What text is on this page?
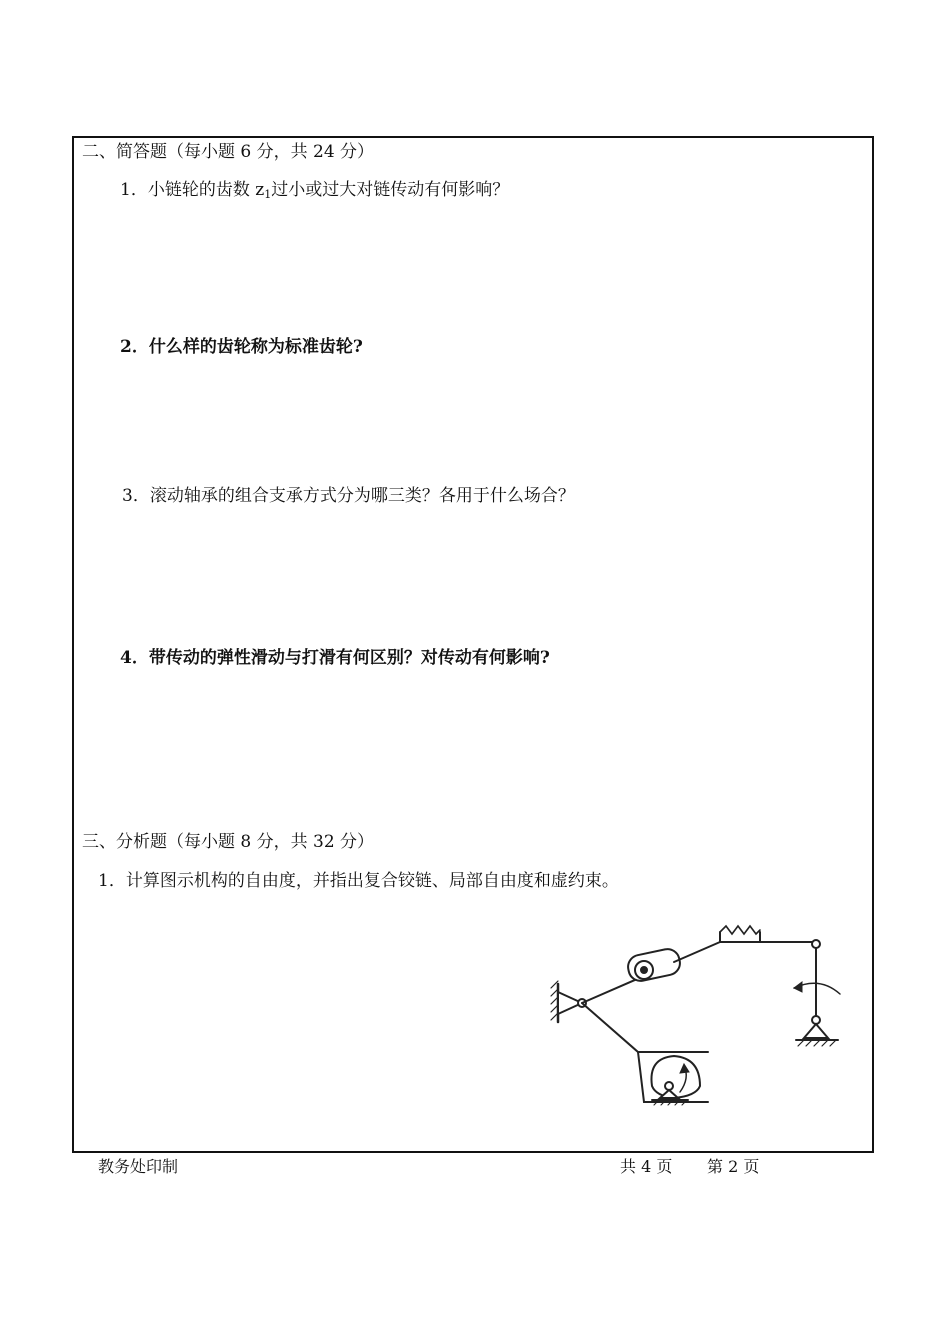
二、简答题（每小题 6 分，共 24 分）
1．小链轮的齿数 $z_1$过小或过大对链传动有何影响？
2．什么样的齿轮称为标准齿轮?
3．滚动轴承的组合支承方式分为哪三类？各用于什么场合？
4．带传动的弹性滑动与打滑有何区别？对传动有何影响?
三、分析题（每小题 8 分，共 32 分）
1．计算图示机构的自由度，并指出复合铰链、局部自由度和虚约束。
教务处印制	共 4 页 第 2 页
